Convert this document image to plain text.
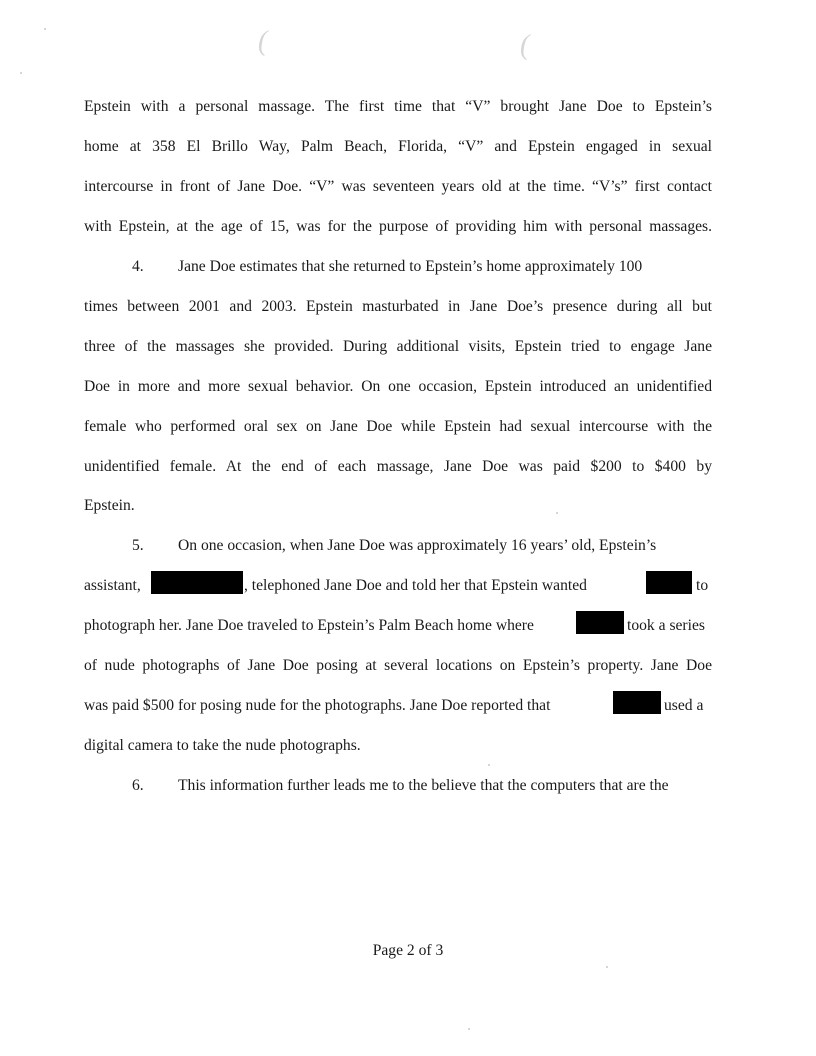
(	(
Epstein with a personal massage. The first time that “V” brought Jane Doe to Epstein’s
home at 358 El Brillo Way, Palm Beach, Florida, “V” and Epstein engaged in sexual
intercourse in front of Jane Doe. “V” was seventeen years old at the time. “V’s” first contact
with Epstein, at the age of 15, was for the purpose of providing him with personal massages.
4. Jane Doe estimates that she returned to Epstein’s home approximately 100
times between 2001 and 2003. Epstein masturbated in Jane Doe’s presence during all but
three of the massages she provided. During additional visits, Epstein tried to engage Jane
Doe in more and more sexual behavior. On one occasion, Epstein introduced an unidentified
female who performed oral sex on Jane Doe while Epstein had sexual intercourse with the
unidentified female. At the end of each massage, Jane Doe was paid $200 to $400 by
Epstein.
5. On one occasion, when Jane Doe was approximately 16 years’ old, Epstein’s
assistant,	, telephoned Jane Doe and told her that Epstein wanted	to
photograph her. Jane Doe traveled to Epstein’s Palm Beach home where	took a series
of nude photographs of Jane Doe posing at several locations on Epstein’s property. Jane Doe
was paid $500 for posing nude for the photographs. Jane Doe reported that	used a
digital camera to take the nude photographs.
6. This information further leads me to the believe that the computers that are the
Page 2 of 3
